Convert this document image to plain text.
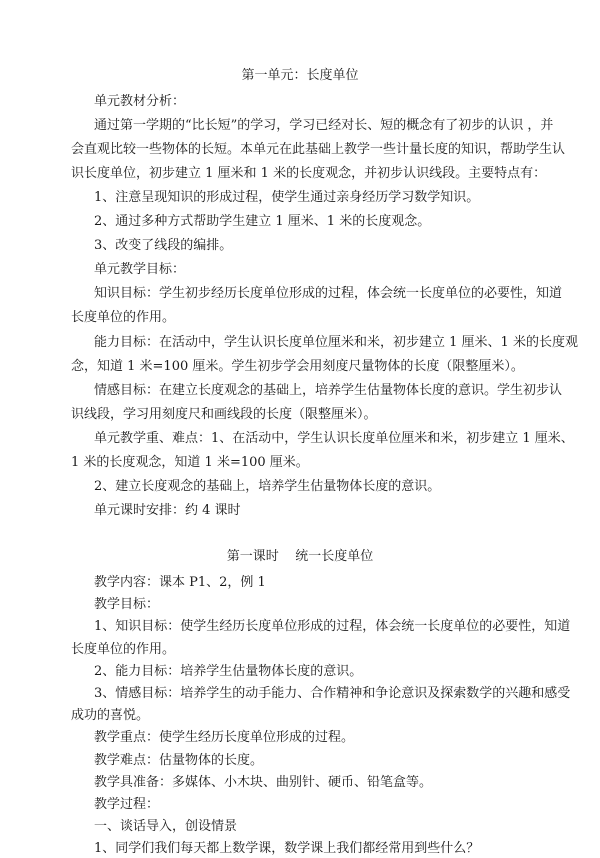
第一单元：长度单位
单元教材分析：
通过第一学期的“比长短”的学习，学习已经对长、短的概念有了初步的认识 ，并
会直观比较一些物体的长短。本单元在此基础上教学一些计量长度的知识，帮助学生认
识长度单位，初步建立 1 厘米和 1 米的长度观念，并初步认识线段。主要特点有：
1、注意呈现知识的形成过程，使学生通过亲身经历学习数学知识。
2、通过多种方式帮助学生建立 1 厘米、1 米的长度观念。
3、改变了线段的编排。
单元教学目标：
知识目标：学生初步经历长度单位形成的过程，体会统一长度单位的必要性，知道
长度单位的作用。
能力目标：在活动中，学生认识长度单位厘米和米，初步建立 1 厘米、1 米的长度观
念，知道 1 米=100 厘米。学生初步学会用刻度尺量物体的长度（限整厘米）。
情感目标：在建立长度观念的基础上，培养学生估量物体长度的意识。学生初步认
识线段，学习用刻度尺和画线段的长度（限整厘米）。
单元教学重、难点：1、在活动中，学生认识长度单位厘米和米，初步建立 1 厘米、
1 米的长度观念，知道 1 米=100 厘米。
2、建立长度观念的基础上，培养学生估量物体长度的意识。
单元课时安排：约 4 课时
第一课时    统一长度单位
教学内容：课本 P1、2，例 1
教学目标：
1、知识目标：使学生经历长度单位形成的过程，体会统一长度单位的必要性，知道
长度单位的作用。
2、能力目标：培养学生估量物体长度的意识。
3、情感目标：培养学生的动手能力、合作精神和争论意识及探索数学的兴趣和感受
成功的喜悦。
教学重点：使学生经历长度单位形成的过程。
教学难点：估量物体的长度。
教学具准备：多媒体、小木块、曲别针、硬币、铅笔盒等。
教学过程：
一、谈话导入，创设情景
1、同学们我们每天都上数学课，数学课上我们都经常用到些什么？
